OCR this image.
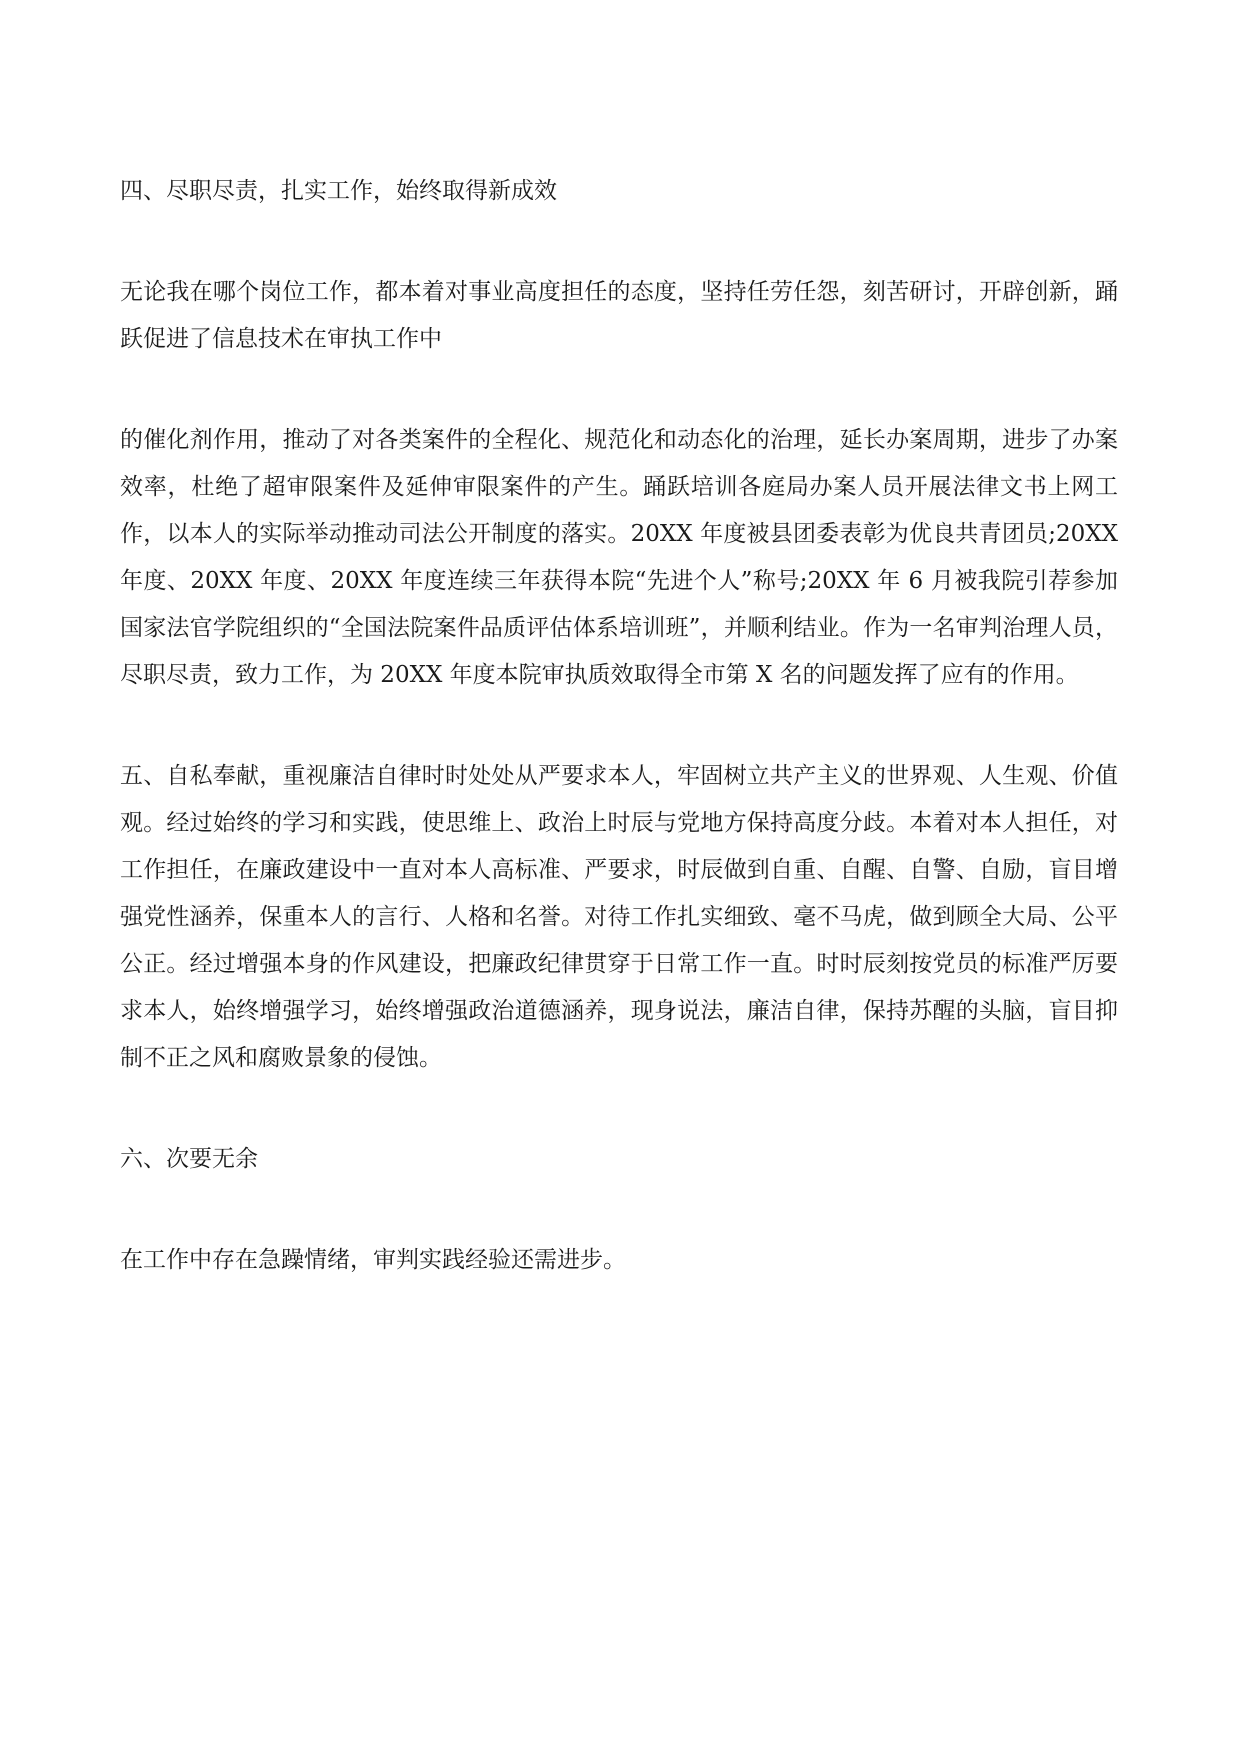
四、尽职尽责，扎实工作，始终取得新成效

无论我在哪个岗位工作，都本着对事业高度担任的态度，坚持任劳任怨，刻苦研讨，开辟创新，踊跃促进了信息技术在审执工作中

的催化剂作用，推动了对各类案件的全程化、规范化和动态化的治理，延长办案周期，进步了办案效率，杜绝了超审限案件及延伸审限案件的产生。踊跃培训各庭局办案人员开展法律文书上网工作，以本人的实际举动推动司法公开制度的落实。20XX 年度被县团委表彰为优良共青团员;20XX 年度、20XX 年度、20XX 年度连续三年获得本院“先进个人”称号;20XX 年 6 月被我院引荐参加国家法官学院组织的“全国法院案件品质评估体系培训班”，并顺利结业。作为一名审判治理人员，尽职尽责，致力工作，为 20XX 年度本院审执质效取得全市第 X 名的问题发挥了应有的作用。

五、自私奉献，重视廉洁自律时时处处从严要求本人，牢固树立共产主义的世界观、人生观、价值观。经过始终的学习和实践，使思维上、政治上时辰与党地方保持高度分歧。本着对本人担任，对工作担任，在廉政建设中一直对本人高标准、严要求，时辰做到自重、自醒、自警、自励，盲目增强党性涵养，保重本人的言行、人格和名誉。对待工作扎实细致、毫不马虎，做到顾全大局、公平公正。经过增强本身的作风建设，把廉政纪律贯穿于日常工作一直。时时辰刻按党员的标准严厉要求本人，始终增强学习，始终增强政治道德涵养，现身说法，廉洁自律，保持苏醒的头脑，盲目抑制不正之风和腐败景象的侵蚀。

六、次要无余

在工作中存在急躁情绪，审判实践经验还需进步。
